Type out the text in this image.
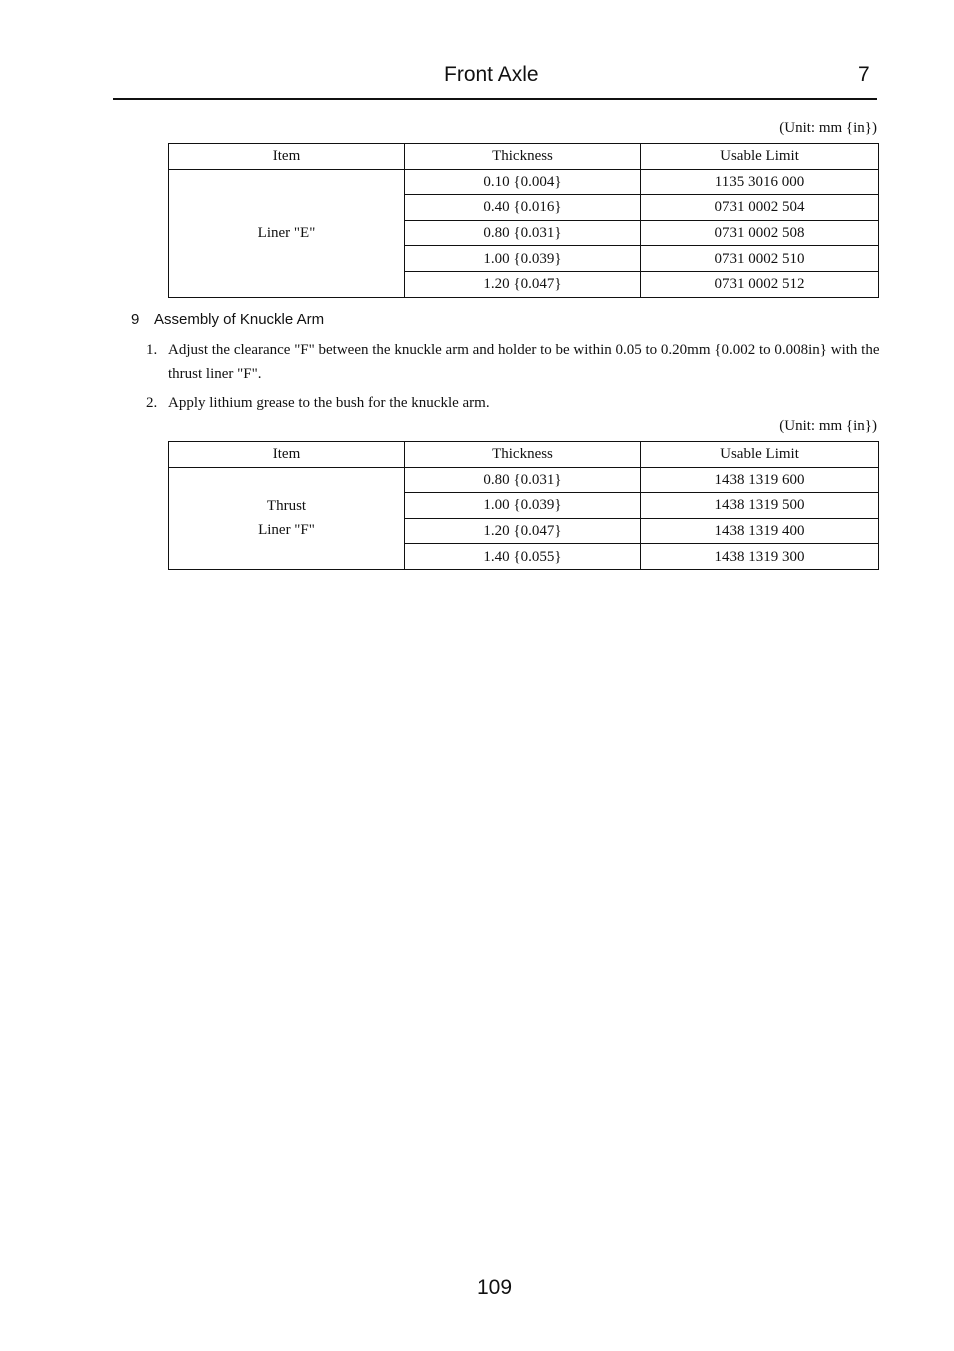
Front Axle	7
(Unit: mm {in})
Item	Thickness	Usable Limit

Liner "E"	0.10 {0.004}	1135 3016 000
	0.40 {0.016}	0731 0002 504
	0.80 {0.031}	0731 0002 508
	1.00 {0.039}	0731 0002 510
	1.20 {0.047}	0731 0002 512
9 Assembly of Knuckle Arm
1. Adjust the clearance "F" between the knuckle arm and holder to be within 0.05 to 0.20mm {0.002 to 0.008in} with the thrust liner "F".
2. Apply lithium grease to the bush for the knuckle arm.
(Unit: mm {in})
Item	Thickness	Usable Limit

Thrust
Liner "F"	0.80 {0.031}	1438 1319 600
	1.00 {0.039}	1438 1319 500
	1.20 {0.047}	1438 1319 400
	1.40 {0.055}	1438 1319 300
109
